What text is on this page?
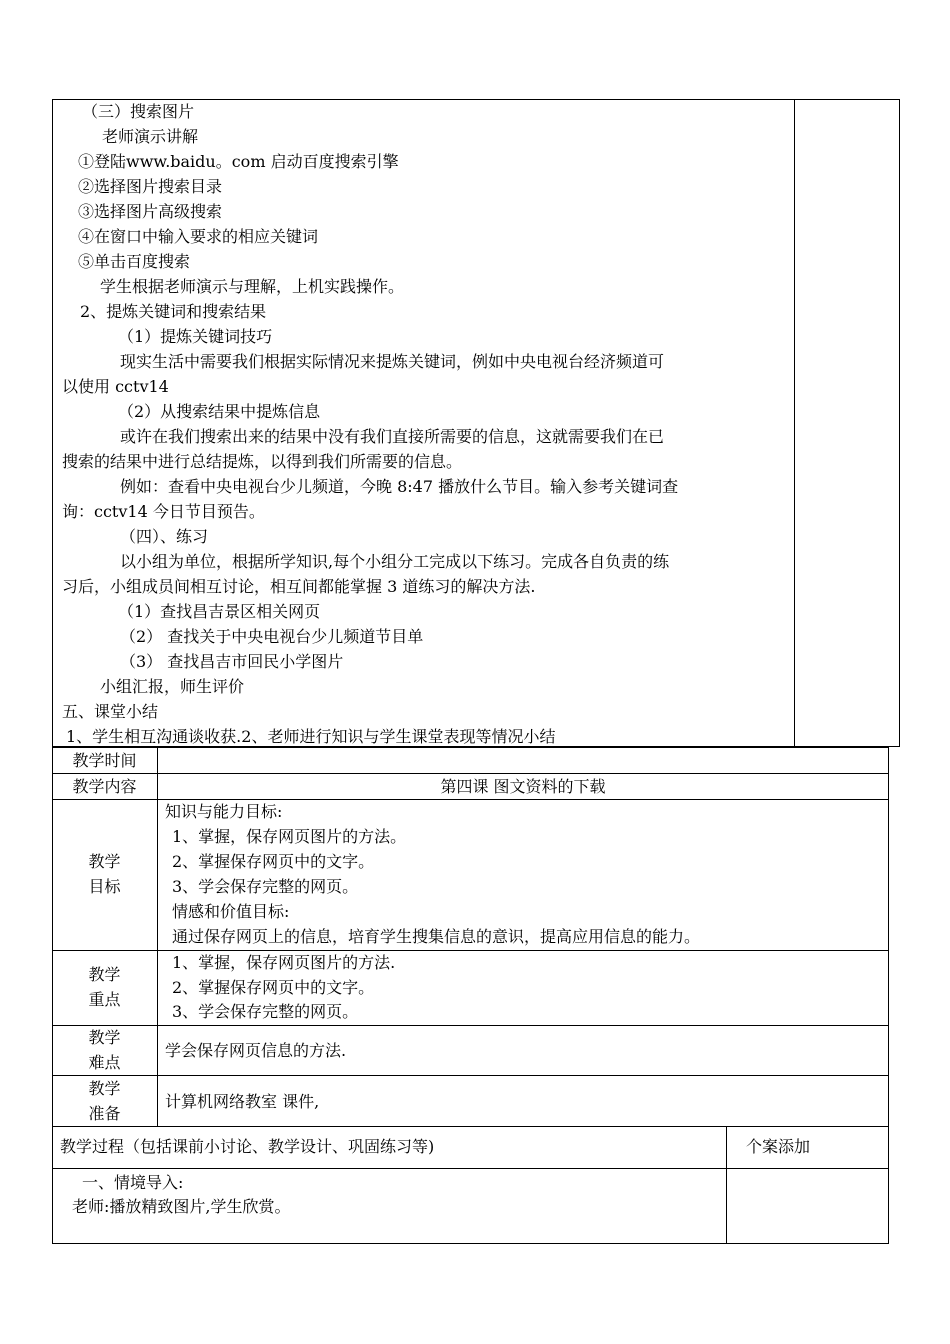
（三）搜索图片
老师演示讲解
①登陆www.baidu。com 启动百度搜索引擎
②选择图片搜索目录
③选择图片高级搜索
④在窗口中输入要求的相应关键词
⑤单击百度搜索
学生根据老师演示与理解，上机实践操作。
2、提炼关键词和搜索结果
（1）提炼关键词技巧
现实生活中需要我们根据实际情况来提炼关键词，例如中央电视台经济频道可
以使用 cctv14
（2）从搜索结果中提炼信息
或许在我们搜索出来的结果中没有我们直接所需要的信息，这就需要我们在已
搜索的结果中进行总结提炼，以得到我们所需要的信息。
例如：查看中央电视台少儿频道，今晚 8:47 播放什么节目。输入参考关键词查
询：cctv14 今日节目预告。
（四）、练习
以小组为单位，根据所学知识,每个小组分工完成以下练习。完成各自负责的练
习后，小组成员间相互讨论，相互间都能掌握 3 道练习的解决方法.
（1）查找昌吉景区相关网页
（2） 查找关于中央电视台少儿频道节目单
（3） 查找昌吉市回民小学图片
小组汇报，师生评价
五、课堂小结
1、学生相互沟通谈收获.2、老师进行知识与学生课堂表现等情况小结
教学时间
教学内容	第四课 图文资料的下载
教学
目标
知识与能力目标:
1、掌握，保存网页图片的方法。
2、掌握保存网页中的文字。
3、学会保存完整的网页。
情感和价值目标:
通过保存网页上的信息，培育学生搜集信息的意识，提高应用信息的能力。
教学
重点
1、掌握，保存网页图片的方法.
2、掌握保存网页中的文字。
3、学会保存完整的网页。
教学
难点
学会保存网页信息的方法.
教学
准备
计算机网络教室 课件,
教学过程（包括课前小讨论、教学设计、巩固练习等)	个案添加
一、情境导入:
老师:播放精致图片,学生欣赏。
